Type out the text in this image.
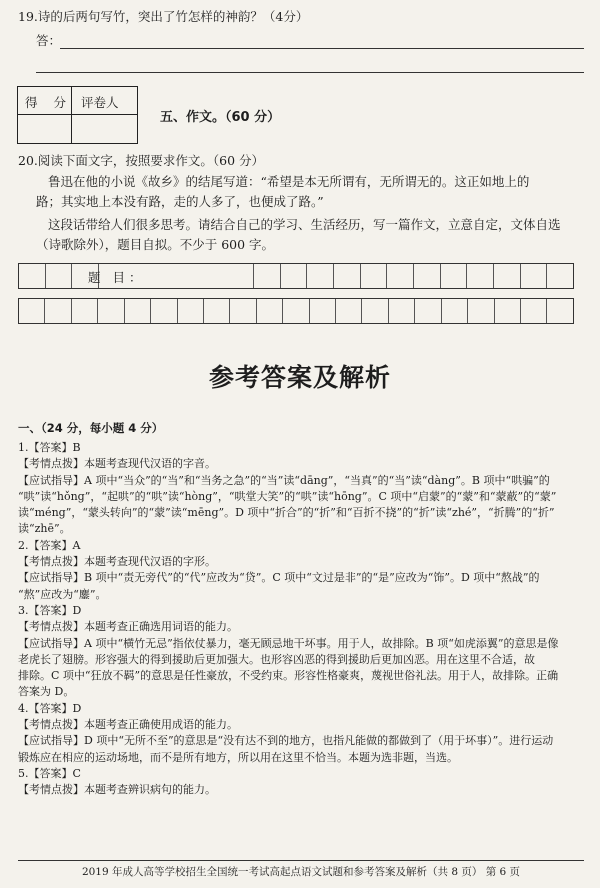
19.诗的后两句写竹，突出了竹怎样的神韵？（4分）
答：
得 分 评卷人
五、作文。（60 分）
20.阅读下面文字，按照要求作文。（60 分）
鲁迅在他的小说《故乡》的结尾写道：“希望是本无所谓有，无所谓无的。这正如地上的
路；其实地上本没有路，走的人多了，也便成了路。”
这段话带给人们很多思考。请结合自己的学习、生活经历，写一篇作文，立意自定，文体自选
（诗歌除外），题目自拟。不少于 600 字。
题 目：
参考答案及解析
一、（24 分，每小题 4 分）
1.【答案】B
【考情点拨】本题考查现代汉语的字音。
【应试指导】A 项中“当众”的“当”和“当务之急”的“当”读“dāng”，“当真”的“当”读“dàng”。B 项中“哄骗”的
“哄”读“hǒng”，“起哄”的“哄”读“hòng”，“哄堂大笑”的“哄”读“hōng”。C 项中“启蒙”的“蒙”和“蒙蔽”的“蒙”
读“méng”，“蒙头转向”的“蒙”读“mēng”。D 项中“折合”的“折”和“百折不挠”的“折”读“zhé”，“折腾”的“折”
读“zhē”。
2.【答案】A
【考情点拨】本题考查现代汉语的字形。
【应试指导】B 项中“责无旁代”的“代”应改为“贷”。C 项中“文过是非”的“是”应改为“饰”。D 项中“熬战”的
“熬”应改为“鏖”。
3.【答案】D
【考情点拨】本题考查正确选用词语的能力。
【应试指导】A 项中“横竹无忌”指依仗暴力，毫无顾忌地干坏事。用于人，故排除。B 项“如虎添翼”的意思是像
老虎长了翅膀。形容强大的得到援助后更加强大。也形容凶恶的得到援助后更加凶恶。用在这里不合适，故
排除。C 项中“狂放不羁”的意思是任性豪放，不受约束。形容性格豪爽，蔑视世俗礼法。用于人，故排除。正确
答案为 D。
4.【答案】D
【考情点拨】本题考查正确使用成语的能力。
【应试指导】D 项中“无所不至”的意思是“没有达不到的地方，也指凡能做的都做到了（用于坏事）”。进行运动
锻炼应在相应的运动场地，而不是所有地方，所以用在这里不恰当。本题为选非题，当选。
5.【答案】C
【考情点拨】本题考查辨识病句的能力。
2019 年成人高等学校招生全国统一考试高起点语文试题和参考答案及解析（共 8 页） 第 6 页
